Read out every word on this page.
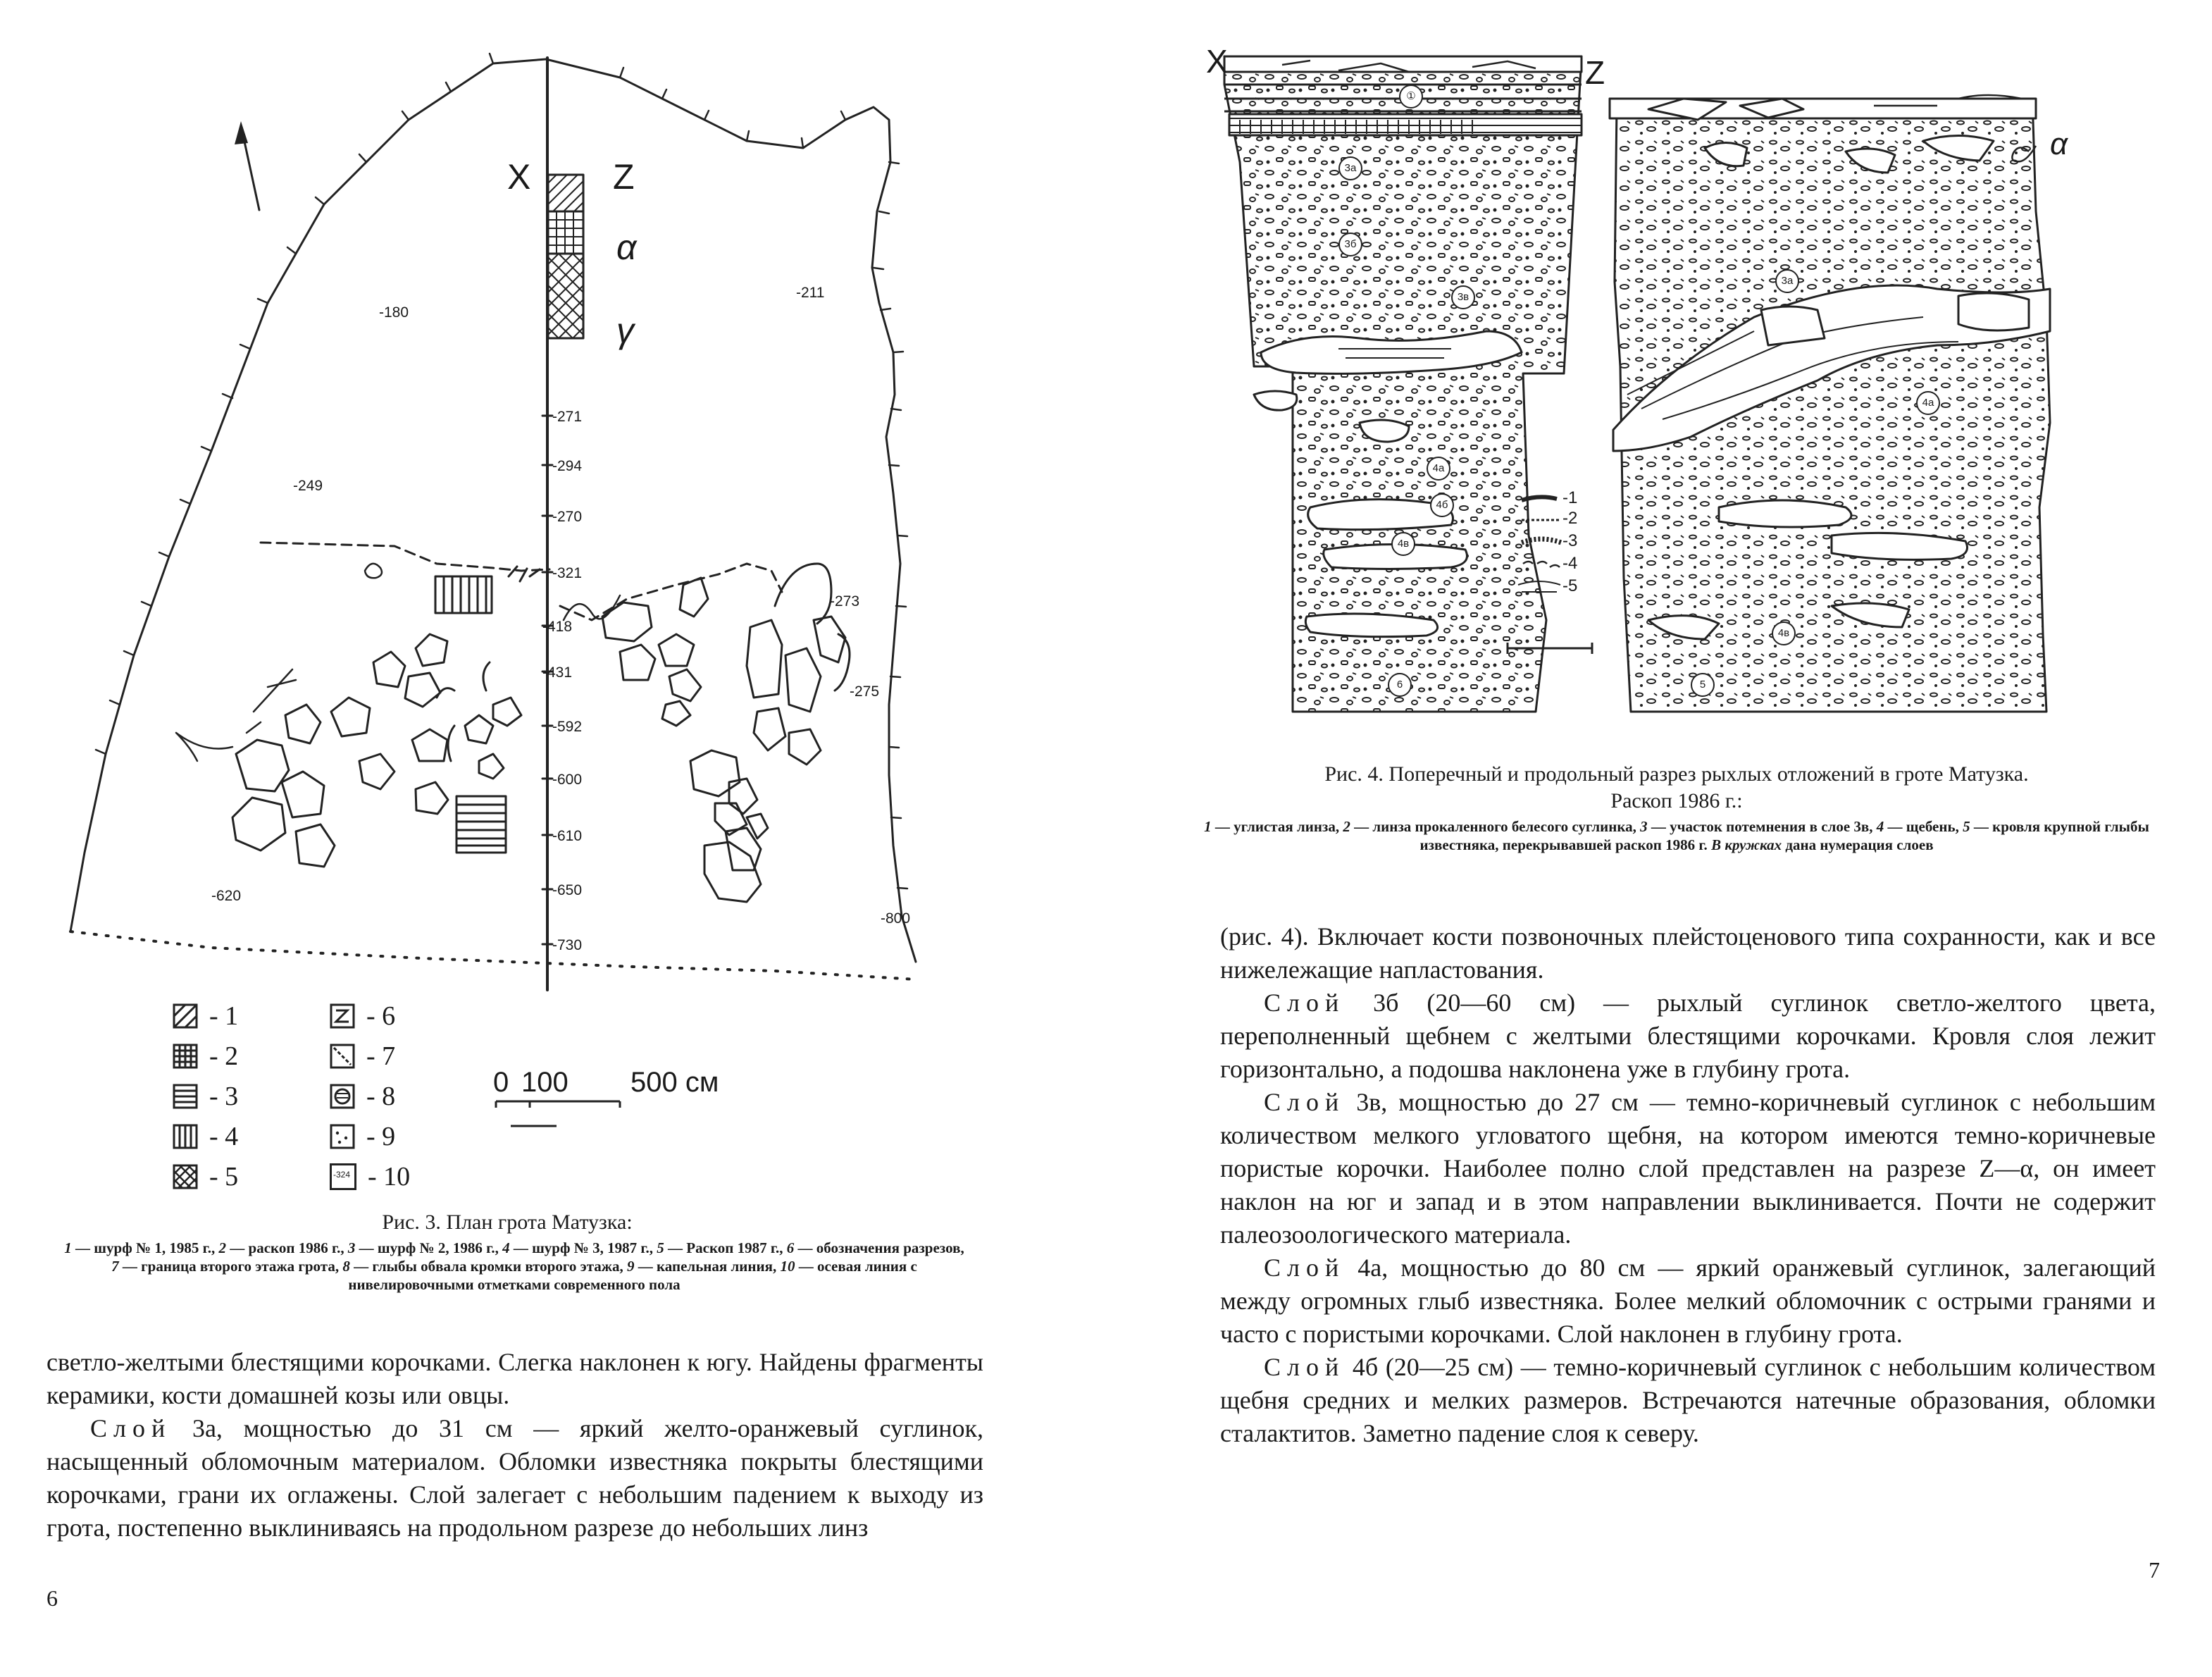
X Z
α
γ
-180
-211
-249
-273
-275
-271
-294
-270
-321
-418
-431
-592
-600
-610
-650
-730
-620
-800
-
1
-
2
-
3
-
4
-
5
-
6
-
7
-
8
-
9
-324 -
10
0 100 500 см
Рис. 3. План грота Матузка:
1 — шурф № 1, 1985 г., 2 — раскоп 1986 г., 3 — шурф № 2, 1986 г., 4 — шурф № 3, 1987 г., 5 — Раскоп 1987 г., 6 — обозначения разрезов, 7 — граница второго этажа грота, 8 — глыбы обвала кромки второго этажа, 9 — капельная линия, 10 — осевая линия с нивелировочными отметками современного пола

светло-желтыми блестящими корочками. Слегка наклонен к югу. Найдены фрагменты керамики, кости домашней козы или овцы.

Слой 3а, мощностью до 31 см — яркий желто-оранжевый суглинок, насыщенный обломочным материалом. Обломки известняка покрыты блестящими корочками, грани их оглажены. Слой залегает с небольшим падением к выходу из грота, постепенно выклиниваясь на продольном разрезе до небольших линз

6
X	Z
α
①
3а
3а
3б
3в
4а
4а
4б
4в
6
4в
5
-1
-2
-3
-4
-5
Рис. 4. Поперечный и продольный разрез рыхлых отложений в гроте Матузка.
Раскоп 1986 г.:
1 — углистая линза, 2 — линза прокаленного белесого суглинка, 3 — участок потемнения в слое 3в, 4 — щебень, 5 — кровля крупной глыбы известняка, перекрывавшей раскоп 1986 г. В кружках дана нумерация слоев

(рис. 4). Включает кости позвоночных плейстоценового типа сохранности, как и все нижележащие напластования.

Слой 3б (20—60 см) — рыхлый суглинок светло-желтого цвета, переполненный щебнем с желтыми блестящими корочками. Кровля слоя лежит горизонтально, а подошва наклонена уже в глубину грота.

Слой 3в, мощностью до 27 см — темно-коричневый суглинок с небольшим количеством мелкого угловатого щебня, на котором имеются темно-коричневые пористые корочки. Наиболее полно слой представлен на разрезе Z—α, он имеет наклон на юг и запад и в этом направлении выклинивается. Почти не содержит палеозоологического материала.

Слой 4а, мощностью до 80 см — яркий оранжевый суглинок, залегающий между огромных глыб известняка. Более мелкий обломочник с острыми гранями и часто с пористыми корочками. Слой наклонен в глубину грота.

Слой 4б (20—25 см) — темно-коричневый суглинок с небольшим количеством щебня средних и мелких размеров. Встречаются натечные образования, обломки сталактитов. Заметно падение слоя к северу.

7
